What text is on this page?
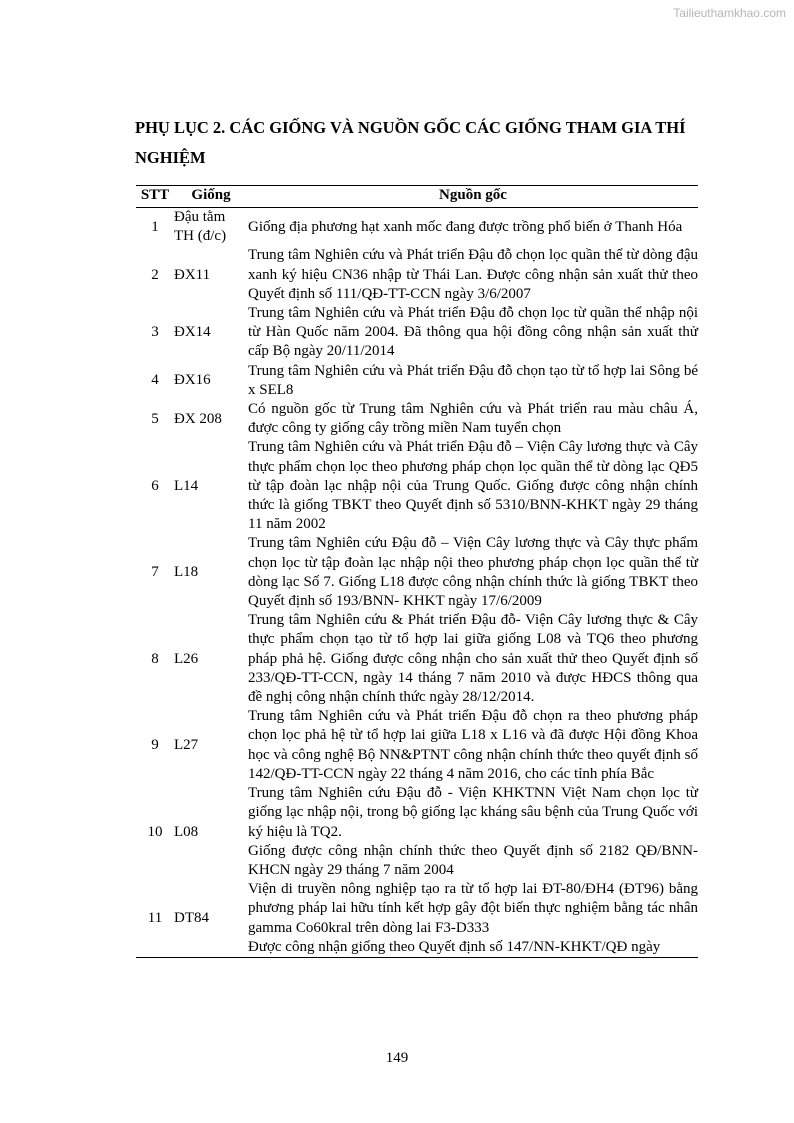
Tailieuthamkhao.com
PHỤ LỤC 2. CÁC GIỐNG VÀ NGUỒN GỐC CÁC GIỐNG THAM GIA THÍ NGHIỆM
STT	Giống	Nguồn gốc
1	Đậu tằm TH (đ/c)	Giống địa phương hạt xanh mốc đang được trồng phổ biến ở Thanh Hóa

2	ĐX11	Trung tâm Nghiên cứu và Phát triển Đậu đỗ chọn lọc quần thể từ dòng đậu xanh ký hiệu CN36 nhập từ Thái Lan. Được công nhận sản xuất thử theo Quyết định số 111/QĐ-TT-CCN ngày 3/6/2007

3	ĐX14	Trung tâm Nghiên cứu và Phát triển Đậu đỗ chọn lọc từ quần thể nhập nội từ Hàn Quốc năm 2004. Đã thông qua hội đồng công nhận sản xuất thử cấp Bộ ngày 20/11/2014

4	ĐX16	Trung tâm Nghiên cứu và Phát triển Đậu đỗ chọn tạo từ tổ hợp lai Sông bé x SEL8

5	ĐX 208	Có nguồn gốc từ Trung tâm Nghiên cứu và Phát triển rau màu châu Á, được công ty giống cây trồng miền Nam tuyển chọn

6	L14	Trung tâm Nghiên cứu và Phát triển Đậu đỗ – Viện Cây lương thực và Cây thực phẩm chọn lọc theo phương pháp chọn lọc quần thể từ dòng lạc QĐ5 từ tập đoàn lạc nhập nội của Trung Quốc. Giống được công nhận chính thức là giống TBKT theo Quyết định số 5310/BNN-KHKT ngày 29 tháng 11 năm 2002

7	L18	Trung tâm Nghiên cứu Đậu đỗ – Viện Cây lương thực và Cây thực phẩm chọn lọc từ tập đoàn lạc nhập nội theo phương pháp chọn lọc quần thể từ dòng lạc Số 7. Giống L18 được công nhận chính thức là giống TBKT theo Quyết định số 193/BNN- KHKT ngày 17/6/2009

8	L26	Trung tâm Nghiên cứu & Phát triển Đậu đỗ- Viện Cây lương thực & Cây thực phẩm chọn tạo từ tổ hợp lai giữa giống L08 và TQ6 theo phương pháp phả hệ. Giống được công nhận cho sản xuất thử theo Quyết định số 233/QĐ-TT-CCN, ngày 14 tháng 7 năm 2010 và được HĐCS thông qua đề nghị công nhận chính thức ngày 28/12/2014.

9	L27	Trung tâm Nghiên cứu và Phát triển Đậu đỗ chọn ra theo phương pháp chọn lọc phả hệ từ tổ hợp lai giữa L18 x L16 và đã được Hội đồng Khoa học và công nghệ Bộ NN&PTNT công nhận chính thức theo quyết định số 142/QĐ-TT-CCN ngày 22 tháng 4 năm 2016, cho các tỉnh phía Bắc

10	L08	Trung tâm Nghiên cứu Đậu đỗ - Viện KHKTNN Việt Nam chọn lọc từ giống lạc nhập nội, trong bộ giống lạc kháng sâu bệnh của Trung Quốc với ký hiệu là TQ2.
Giống được công nhận chính thức theo Quyết định số 2182 QĐ/BNN-KHCN ngày 29 tháng 7 năm 2004

11	DT84	Viện di truyền nông nghiệp tạo ra từ tổ hợp lai ĐT-80/ĐH4 (ĐT96) bằng phương pháp lai hữu tính kết hợp gây đột biến thực nghiệm bằng tác nhân gamma Co60kral trên dòng lai F3-D333
Được công nhận giống theo Quyết định số 147/NN-KHKT/QĐ ngày
149
